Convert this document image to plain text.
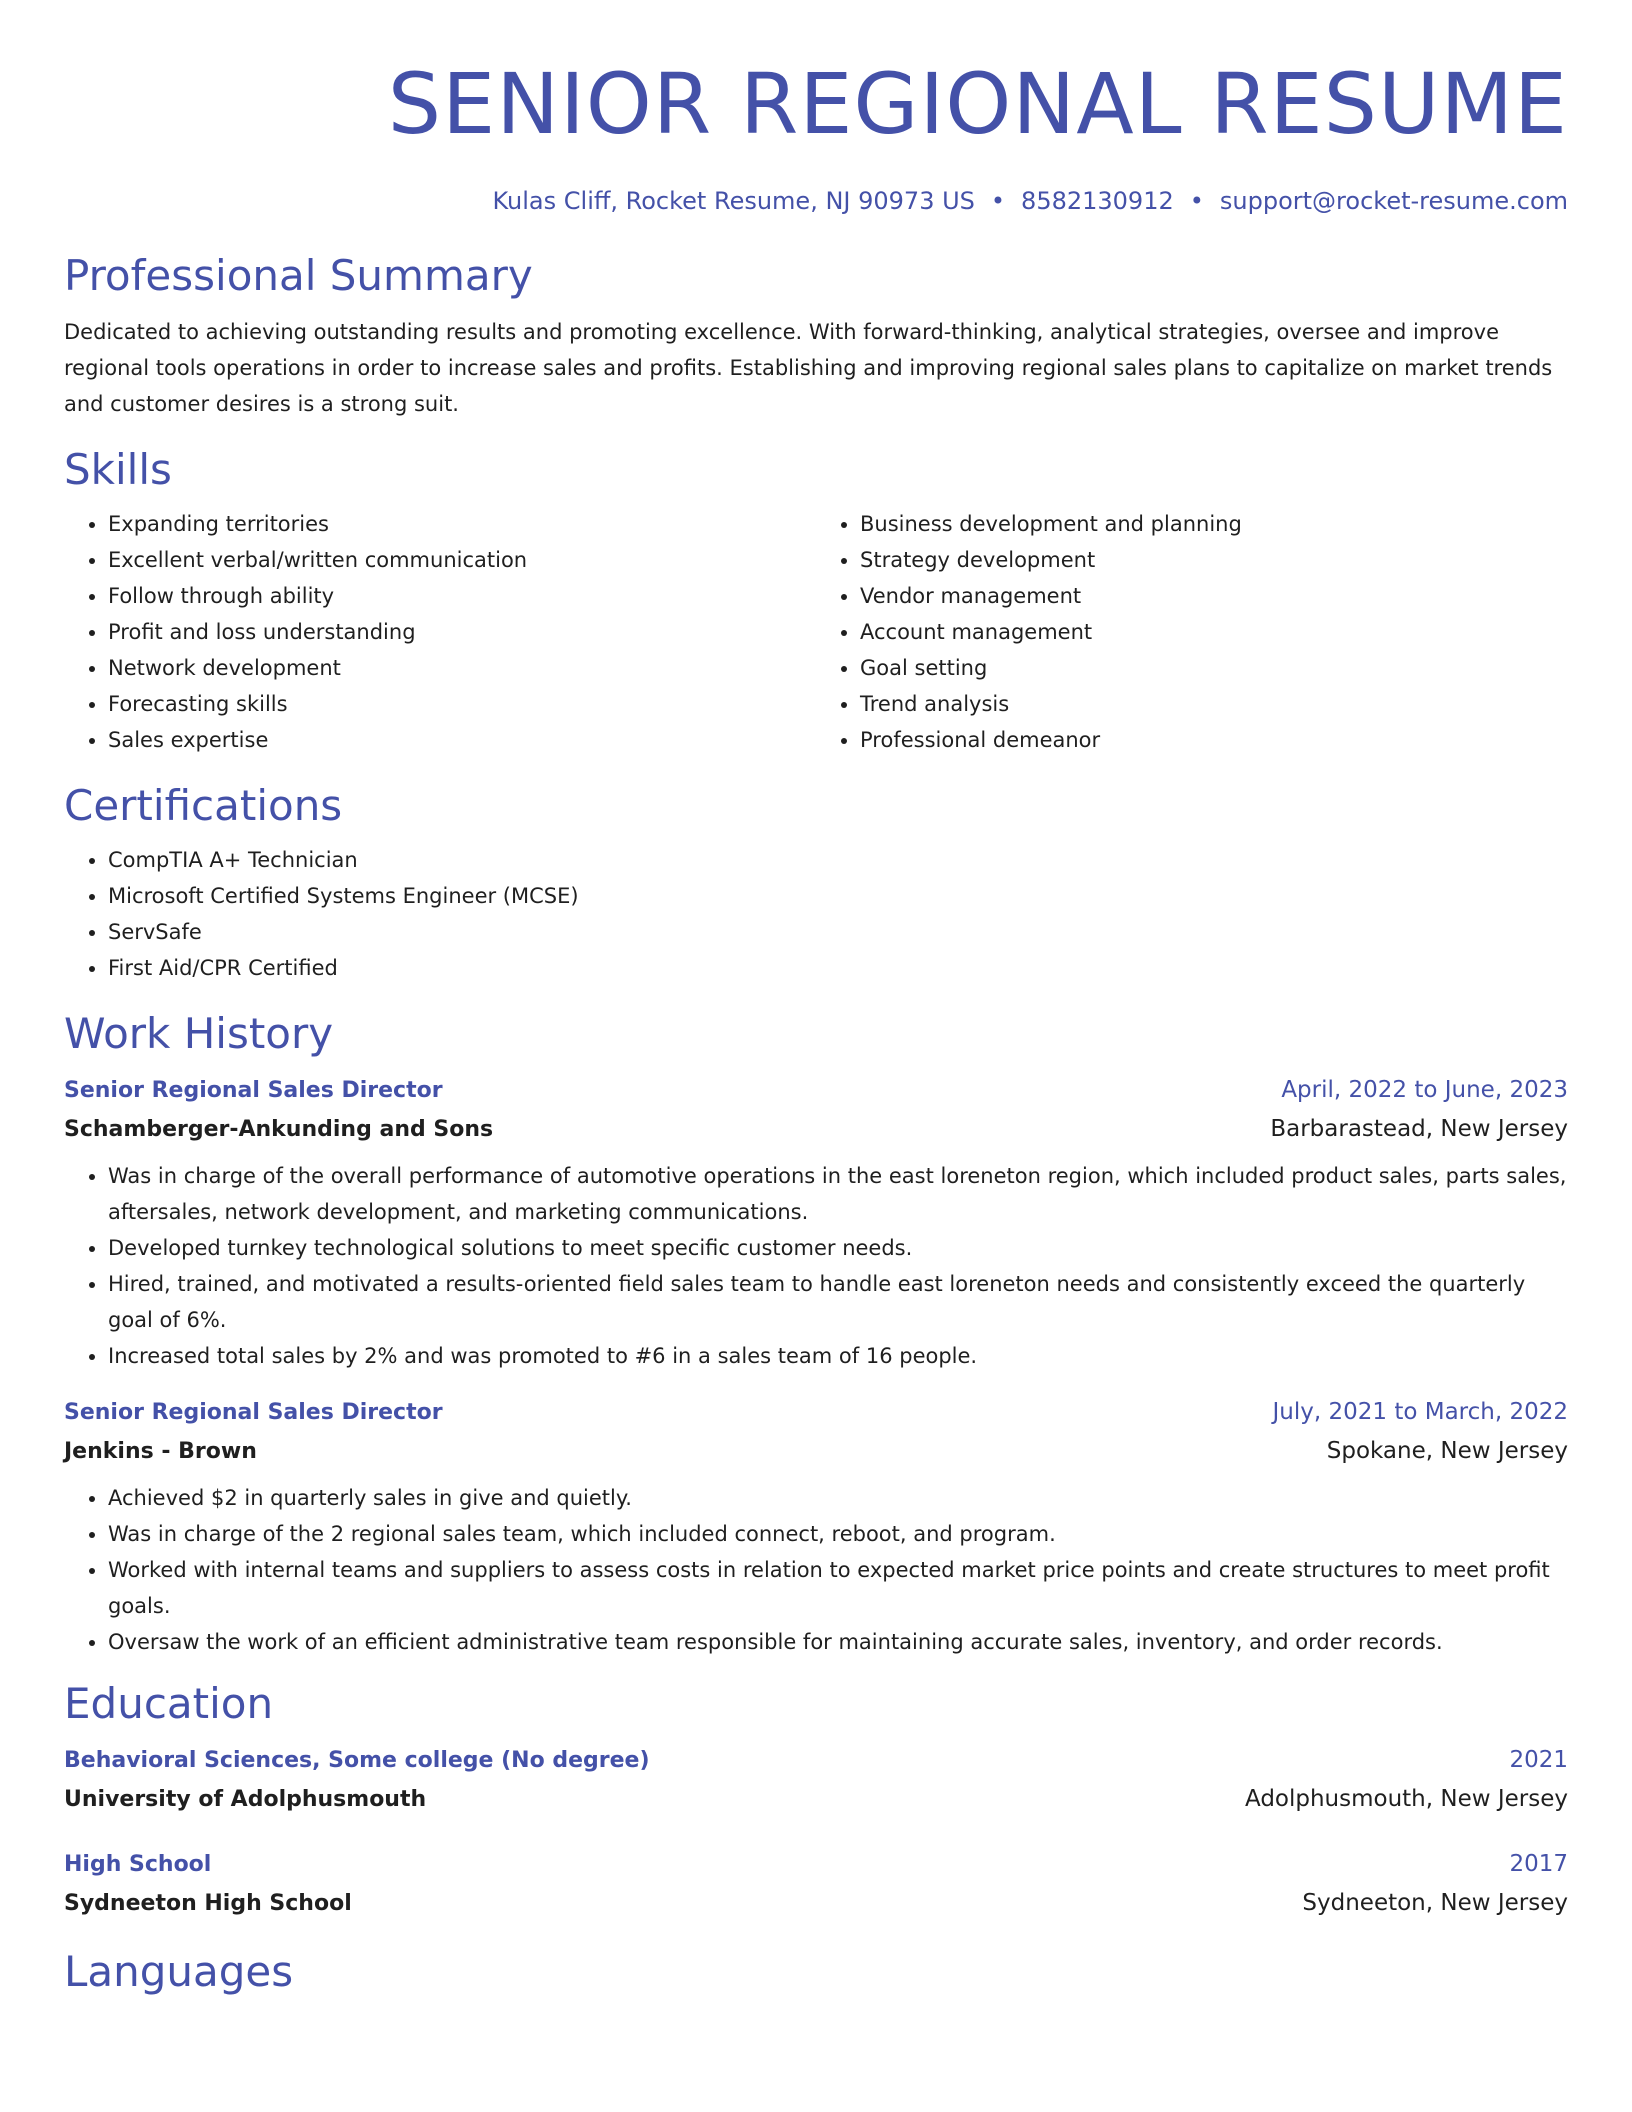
SENIOR REGIONAL RESUME
Kulas Cliff, Rocket Resume, NJ 90973 US • 8582130912 • support@rocket-resume.com
Professional Summary

Dedicated to achieving outstanding results and promoting excellence. With forward-thinking, analytical strategies, oversee and improve regional tools operations in order to increase sales and profits. Establishing and improving regional sales plans to capitalize on market trends and customer desires is a strong suit.

Skills
• Expanding territories
• Excellent verbal/written communication
• Follow through ability
• Profit and loss understanding
• Network development
• Forecasting skills
• Sales expertise
• Business development and planning
• Strategy development
• Vendor management
• Account management
• Goal setting
• Trend analysis
• Professional demeanor
Certifications
• CompTIA A+ Technician
• Microsoft Certified Systems Engineer (MCSE)
• ServSafe
• First Aid/CPR Certified
Work History
Senior Regional Sales Director	April, 2022 to June, 2023
Schamberger-Ankunding and Sons	Barbarastead, New Jersey
• Was in charge of the overall performance of automotive operations in the east loreneton region, which included product sales, parts sales, aftersales, network development, and marketing communications.
• Developed turnkey technological solutions to meet specific customer needs.
• Hired, trained, and motivated a results-oriented field sales team to handle east loreneton needs and consistently exceed the quarterly goal of 6%.
• Increased total sales by 2% and was promoted to #6 in a sales team of 16 people.
Senior Regional Sales Director	July, 2021 to March, 2022
Jenkins - Brown	Spokane, New Jersey
• Achieved $2 in quarterly sales in give and quietly.
• Was in charge of the 2 regional sales team, which included connect, reboot, and program.
• Worked with internal teams and suppliers to assess costs in relation to expected market price points and create structures to meet profit goals.
• Oversaw the work of an efficient administrative team responsible for maintaining accurate sales, inventory, and order records.
Education
Behavioral Sciences, Some college (No degree)	2021
University of Adolphusmouth	Adolphusmouth, New Jersey
High School	2017
Sydneeton High School	Sydneeton, New Jersey
Languages
